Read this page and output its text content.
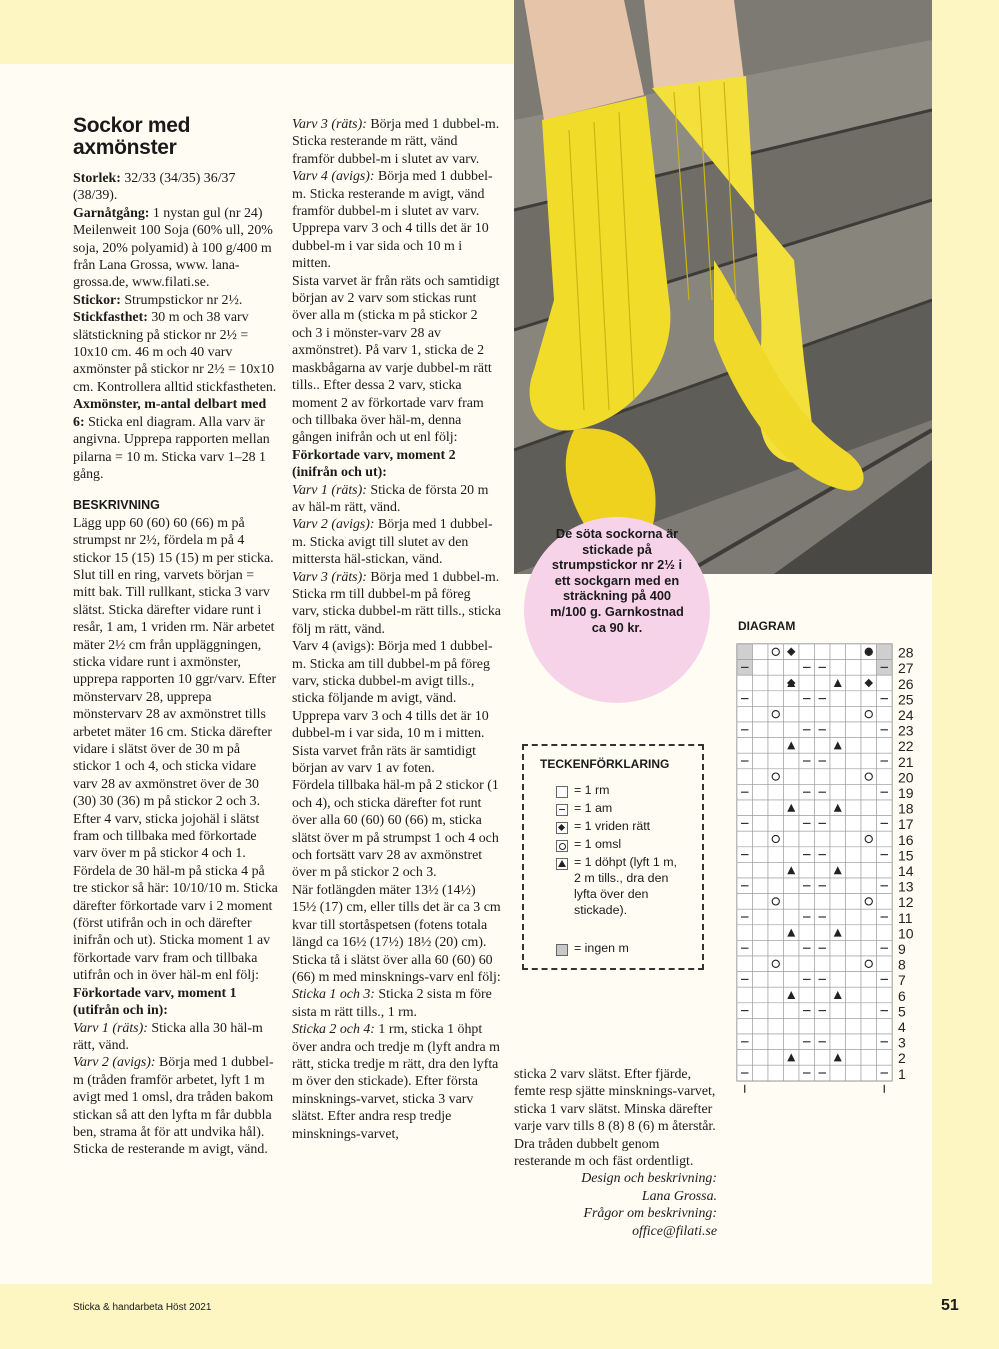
Sockor med
axmönster

Storlek: 32/33 (34/35) 36/37 (38/39).

Garnåtgång: 1 nystan gul (nr 24) Meilenweit 100 Soja (60% ull, 20% soja, 20% polyamid) à 100 g/400 m från Lana Grossa, www. lana-grossa.de, www.filati.se.

Stickor: Strumpstickor nr 2½.

Stickfasthet: 30 m och 38 varv slätstickning på stickor nr 2½ = 10x10 cm. 46 m och 40 varv axmönster på stickor nr 2½ = 10x10 cm. Kontrollera alltid stickfastheten.

Axmönster, m-antal delbart med 6: Sticka enl diagram. Alla varv är angivna. Upprepa rapporten mellan pilarna = 10 m. Sticka varv 1–28 1 gång.

BESKRIVNING

Lägg upp 60 (60) 60 (66) m på strumpst nr 2½, fördela m på 4 stickor 15 (15) 15 (15) m per sticka. Slut till en ring, varvets början = mitt bak. Till rullkant, sticka 3 varv slätst. Sticka därefter vidare runt i resår, 1 am, 1 vriden rm. När arbetet mäter 2½ cm från uppläggningen, sticka vidare runt i axmönster, upprepa rapporten 10 ggr/varv. Efter mönstervarv 28, upprepa mönstervarv 28 av axmönstret tills arbetet mäter 16 cm. Sticka därefter vidare i slätst över de 30 m på stickor 1 och 4, och sticka vidare varv 28 av axmönstret över de 30 (30) 30 (36) m på stickor 2 och 3.

Efter 4 varv, sticka jojohäl i slätst fram och tillbaka med förkortade varv över m på stickor 4 och 1. Fördela de 30 häl-m på sticka 4 på tre stickor så här: 10/10/10 m. Sticka därefter förkortade varv i 2 moment (först utifrån och in och därefter inifrån och ut). Sticka moment 1 av förkortade varv fram och tillbaka utifrån och in över häl-m enl följ:

Förkortade varv, moment 1 (utifrån och in):

Varv 1 (räts): Sticka alla 30 häl-m rätt, vänd.

Varv 2 (avigs): Börja med 1 dubbel-m (tråden framför arbetet, lyft 1 m avigt med 1 omsl, dra tråden bakom stickan så att den lyfta m får dubbla ben, strama åt för att undvika hål). Sticka de resterande m avigt, vänd.

Varv 3 (räts): Börja med 1 dubbel-m. Sticka resterande m rätt, vänd framför dubbel-m i slutet av varv.

Varv 4 (avigs): Börja med 1 dubbel-m. Sticka resterande m avigt, vänd framför dubbel-m i slutet av varv.

Upprepa varv 3 och 4 tills det är 10 dubbel-m i var sida och 10 m i mitten.

Sista varvet är från räts och samtidigt början av 2 varv som stickas runt över alla m (sticka m på stickor 2 och 3 i mönster-varv 28 av axmönstret). På varv 1, sticka de 2 maskbågarna av varje dubbel-m rätt tills.. Efter dessa 2 varv, sticka moment 2 av förkortade varv fram och tillbaka över häl-m, denna gången inifrån och ut enl följ:

Förkortade varv, moment 2 (inifrån och ut):

Varv 1 (räts): Sticka de första 20 m av häl-m rätt, vänd.

Varv 2 (avigs): Börja med 1 dubbel-m. Sticka avigt till slutet av den mittersta häl-stickan, vänd.

Varv 3 (räts): Börja med 1 dubbel-m. Sticka rm till dubbel-m på föreg varv, sticka dubbel-m rätt tills., sticka följ m rätt, vänd.

Varv 4 (avigs): Börja med 1 dubbel-m. Sticka am till dubbel-m på föreg varv, sticka dubbel-m avigt tills., sticka följande m avigt, vänd.

Upprepa varv 3 och 4 tills det är 10 dubbel-m i var sida, 10 m i mitten. Sista varvet från räts är samtidigt början av varv 1 av foten.

Fördela tillbaka häl-m på 2 stickor (1 och 4), och sticka därefter fot runt över alla 60 (60) 60 (66) m, sticka slätst över m på strumpst 1 och 4 och och fortsätt varv 28 av axmönstret över m på stickor 2 och 3.

När fotlängden mäter 13½ (14½) 15½ (17) cm, eller tills det är ca 3 cm kvar till stortåspetsen (fotens totala längd ca 16½ (17½) 18½ (20) cm). Sticka tå i slätst över alla 60 (60) 60 (66) m med minsknings-varv enl följ:

Sticka 1 och 3: Sticka 2 sista m före sista m rätt tills., 1 rm.

Sticka 2 och 4: 1 rm, sticka 1 öhpt över andra och tredje m (lyft andra m rätt, sticka tredje m rätt, dra den lyfta m över den stickade). Efter första minsknings-varvet, sticka 3 varv slätst. Efter andra resp tredje minsknings-varvet,

sticka 2 varv slätst. Efter fjärde, femte resp sjätte minsknings-varvet, sticka 1 varv slätst. Minska därefter varje varv tills 8 (8) 8 (6) m återstår. Dra tråden dubbelt genom resterande m och fäst ordentligt.

Design och beskrivning:

Lana Grossa.

Frågor om beskrivning:

office@filati.se

De söta sockorna är stickade på strumpstickor nr 2½ i ett sockgarn med en sträckning på 400 m/100 g. Garnkostnad ca 90 kr.
TECKENFÖRKLARING
= 1 rm
= 1 am
= 1 vriden rätt
= 1 omsl
= 1 döhpt (lyft 1 m, 2 m tills., dra den lyfta över den stickade).
= ingen m
DIAGRAM
28
27
26
25
24
23
22
21
20
19
18
17
16
15
14
13
12
11
10
9
8
7
6
5
4
3
2
1
Sticka & handarbeta Höst 2021	51
